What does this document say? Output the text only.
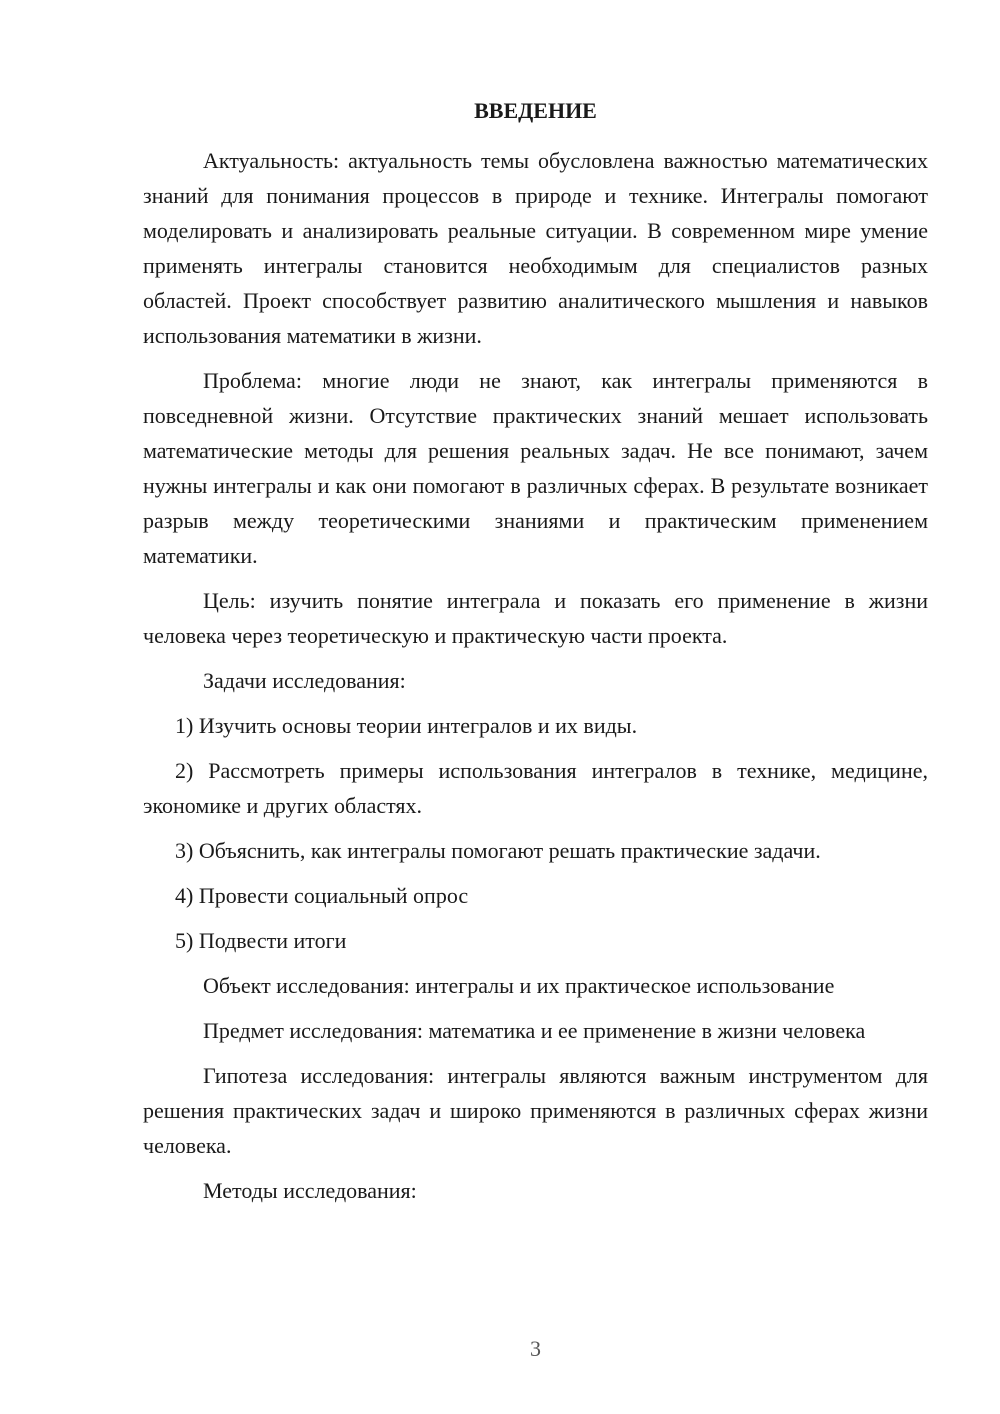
ВВЕДЕНИЕ

Актуальность: актуальность темы обусловлена важностью математических знаний для понимания процессов в природе и технике. Интегралы помогают моделировать и анализировать реальные ситуации. В современном мире умение применять интегралы становится необходимым для специалистов разных областей. Проект способствует развитию аналитического мышления и навыков использования математики в жизни.

Проблема: многие люди не знают, как интегралы применяются в повседневной жизни. Отсутствие практических знаний мешает использовать математические методы для решения реальных задач. Не все понимают, зачем нужны интегралы и как они помогают в различных сферах. В результате возникает разрыв между теоретическими знаниями и практическим применением математики.

Цель: изучить понятие интеграла и показать его применение в жизни человека через теоретическую и практическую части проекта.

Задачи исследования:

1) Изучить основы теории интегралов и их виды.

2) Рассмотреть примеры использования интегралов в технике, медицине, экономике и других областях.

3) Объяснить, как интегралы помогают решать практические задачи.

4) Провести социальный опрос

5) Подвести итоги

Объект исследования: интегралы и их практическое использование

Предмет исследования: математика и ее применение в жизни человека

Гипотеза исследования: интегралы являются важным инструментом для решения практических задач и широко применяются в различных сферах жизни человека.

Методы исследования:

3
